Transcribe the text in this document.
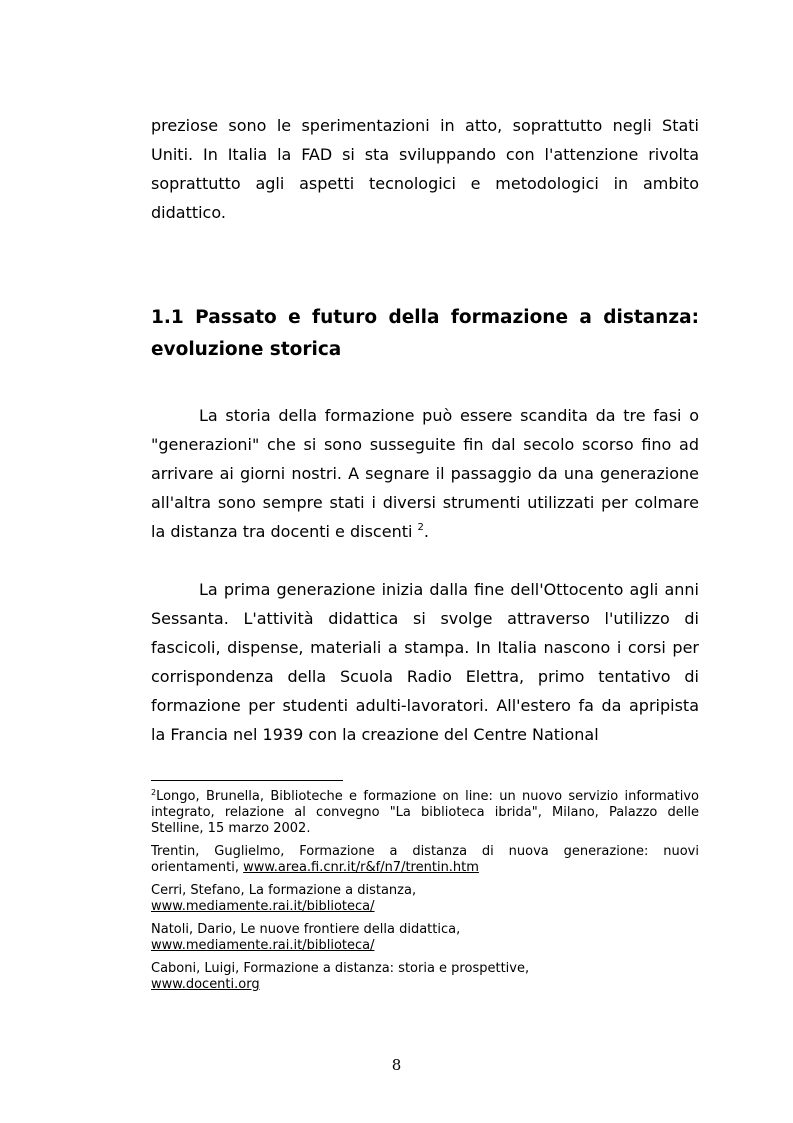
preziose sono le sperimentazioni in atto, soprattutto negli Stati Uniti. In Italia la FAD si sta sviluppando con l'attenzione rivolta soprattutto agli aspetti tecnologici e metodologici in ambito didattico.

1.1 Passato e futuro della formazione a distanza: evoluzione storica

La storia della formazione può essere scandita da tre fasi o "generazioni" che si sono susseguite fin dal secolo scorso fino ad arrivare ai giorni nostri. A segnare il passaggio da una generazione all'altra sono sempre stati i diversi strumenti utilizzati per colmare la distanza tra docenti e discenti $^2$.

La prima generazione inizia dalla fine dell'Ottocento agli anni Sessanta. L'attività didattica si svolge attraverso l'utilizzo di fascicoli, dispense, materiali a stampa. In Italia nascono i corsi per corrispondenza della Scuola Radio Elettra, primo tentativo di formazione per studenti adulti-lavoratori. All'estero fa da apripista la Francia nel 1939 con la creazione del Centre National

$^2$Longo, Brunella, Biblioteche e formazione on line: un nuovo servizio informativo integrato, relazione al convegno "La biblioteca ibrida", Milano, Palazzo delle Stelline, 15 marzo 2002.

Trentin, Guglielmo, Formazione a distanza di nuova generazione: nuovi orientamenti, www.area.fi.cnr.it/r&f/n7/trentin.htm

Cerri, Stefano, La formazione a distanza,
www.mediamente.rai.it/biblioteca/

Natoli, Dario, Le nuove frontiere della didattica,
www.mediamente.rai.it/biblioteca/

Caboni, Luigi, Formazione a distanza: storia e prospettive,
www.docenti.org

8
